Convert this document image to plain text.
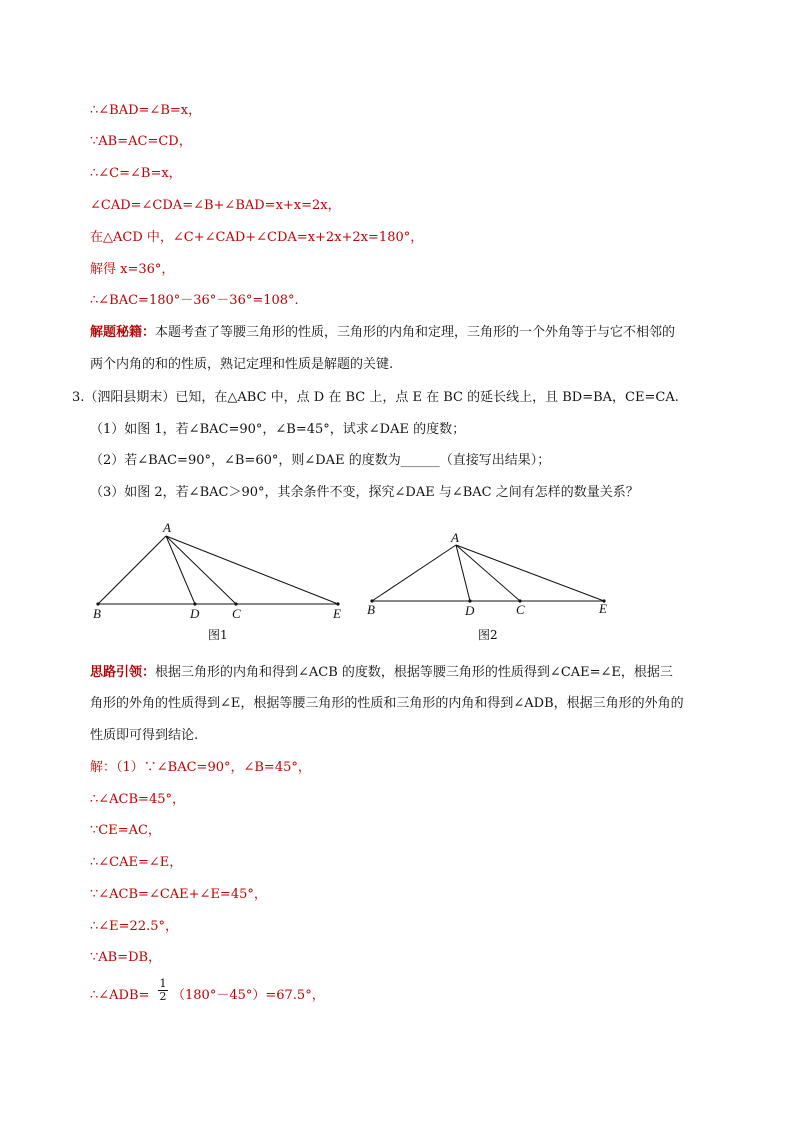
∴∠BAD=∠B=x，
∵AB=AC=CD，
∴∠C=∠B=x，
∠CAD=∠CDA=∠B+∠BAD=x+x=2x，
在△ACD 中，∠C+∠CAD+∠CDA=x+2x+2x=180°，
解得 x=36°，
∴∠BAC=180°－36°－36°=108°.
解题秘籍：本题考查了等腰三角形的性质，三角形的内角和定理，三角形的一个外角等于与它不相邻的
两个内角的和的性质，熟记定理和性质是解题的关键.
3.（泗阳县期末）已知，在△ABC 中，点 D 在 BC 上，点 E 在 BC 的延长线上，且 BD=BA，CE=CA.
（1）如图 1，若∠BAC=90°，∠B=45°，试求∠DAE 的度数；
（2）若∠BAC=90°，∠B=60°，则∠DAE 的度数为______（直接写出结果）；
（3）如图 2，若∠BAC＞90°，其余条件不变，探究∠DAE 与∠BAC 之间有怎样的数量关系？
A
B	D	C	E
图1
A
B	D	C	E
图2
思路引领：根据三角形的内角和得到∠ACB 的度数，根据等腰三角形的性质得到∠CAE=∠E，根据三
角形的外角的性质得到∠E，根据等腰三角形的性质和三角形的内角和得到∠ADB，根据三角形的外角的
性质即可得到结论.
解：（1）∵∠BAC=90°，∠B=45°，
∴∠ACB=45°，
∵CE=AC，
∴∠CAE=∠E，
∵∠ACB=∠CAE+∠E=45°，
∴∠E=22.5°，
∵AB=DB，
∴∠ADB= $\frac{1}{2} (180^\circ-45^\circ)=67.5^\circ$，
